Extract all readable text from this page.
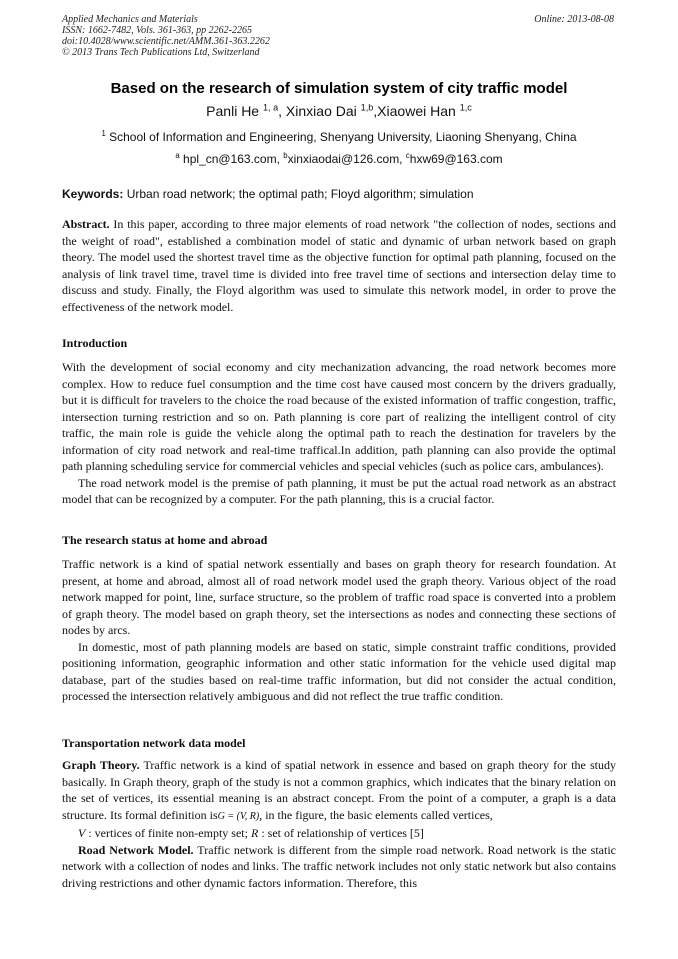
Applied Mechanics and Materials
ISSN: 1662-7482, Vols. 361-363, pp 2262-2265
doi:10.4028/www.scientific.net/AMM.361-363.2262
© 2013 Trans Tech Publications Ltd, Switzerland
Online: 2013-08-08
Based on the research of simulation system of city traffic model
Panli He $^{1, a}$, Xinxiao Dai $^{1,b}$,Xiaowei Han $^{1,c}$
$^1$ School of Information and Engineering, Shenyang University, Liaoning Shenyang, China
$^a$ hpl_cn@163.com, $^b$xinxiaodai@126.com, $^c$hxw69@163.com
Keywords: Urban road network; the optimal path; Floyd algorithm; simulation

Abstract. In this paper, according to three major elements of road network "the collection of nodes, sections and the weight of road", established a combination model of static and dynamic of urban network based on graph theory. The model used the shortest travel time as the objective function for optimal path planning, focused on the analysis of link travel time, travel time is divided into free travel time of sections and intersection delay time to discuss and study. Finally, the Floyd algorithm was used to simulate this network model, in order to prove the effectiveness of the network model.

Introduction

With the development of social economy and city mechanization advancing, the road network becomes more complex. How to reduce fuel consumption and the time cost have caused most concern by the drivers gradually, but it is difficult for travelers to the choice the road because of the existed information of traffic congestion, traffic, intersection turning restriction and so on. Path planning is core part of realizing the intelligent control of city traffic, the main role is guide the vehicle along the optimal path to reach the destination for travelers by the information of city road network and real-time traffical.In addition, path planning can also provide the optimal path planning scheduling service for commercial vehicles and special vehicles (such as police cars, ambulances).

The road network model is the premise of path planning, it must be put the actual road network as an abstract model that can be recognized by a computer. For the path planning, this is a crucial factor.

The research status at home and abroad

Traffic network is a kind of spatial network essentially and bases on graph theory for research foundation. At present, at home and abroad, almost all of road network model used the graph theory. Various object of the road network mapped for point, line, surface structure, so the problem of traffic road space is converted into a problem of graph theory. The model based on graph theory, set the intersections as nodes and connecting these sections of nodes by arcs.

In domestic, most of path planning models are based on static, simple constraint traffic conditions, provided positioning information, geographic information and other static information for the vehicle used digital map database, part of the studies based on real-time traffic information, but did not consider the actual condition, processed the intersection relatively ambiguous and did not reflect the true traffic condition.

Transportation network data model

Graph Theory. Traffic network is a kind of spatial network in essence and based on graph theory for the study basically. In Graph theory, graph of the study is not a common graphics, which indicates that the binary relation on the set of vertices, its essential meaning is an abstract concept. From the point of a computer, a graph is a data structure. Its formal definition isG = (V, R), in the figure, the basic elements called vertices,

V : vertices of finite non-empty set; R : set of relationship of vertices [5]

Road Network Model. Traffic network is different from the simple road network. Road network is the static network with a collection of nodes and links. The traffic network includes not only static network but also contains driving restrictions and other dynamic factors information. Therefore, this
